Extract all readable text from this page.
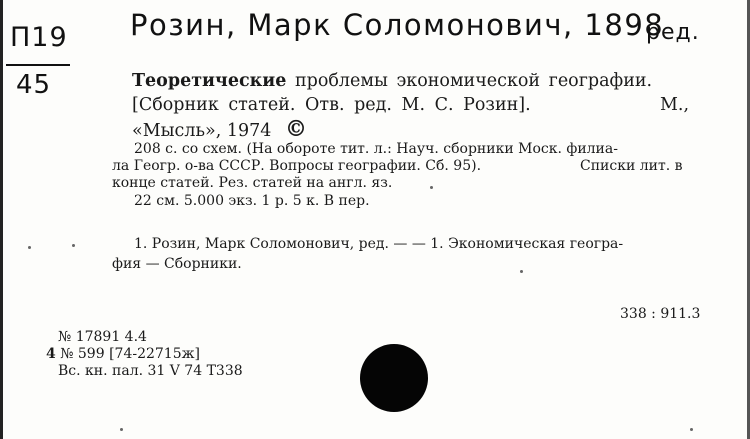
П19
45
Розин, Марк Соломонович, 1898
ред.
Теоретические проблемы экономической географии.
[Сборник статей. Отв. ред. М. С. Розин].	М.,
«Мысль», 1974 ©
208 с. со схем. (На обороте тит. л.: Науч. сборники Моск. филиа-
ла Геогр. о-ва СССР. Вопросы географии. Сб. 95).	Списки лит. в
конце статей. Рез. статей на англ. яз.
22 см. 5.000 экз. 1 р. 5 к. В пер.
1. Розин, Марк Соломонович, ред. — — 1. Экономическая геогра-
фия — Сборники.
338 : 911.3
№ 17891 4.4
4 № 599 [74-22715ж]
Вс. кн. пал. 31 V 74 Т338
